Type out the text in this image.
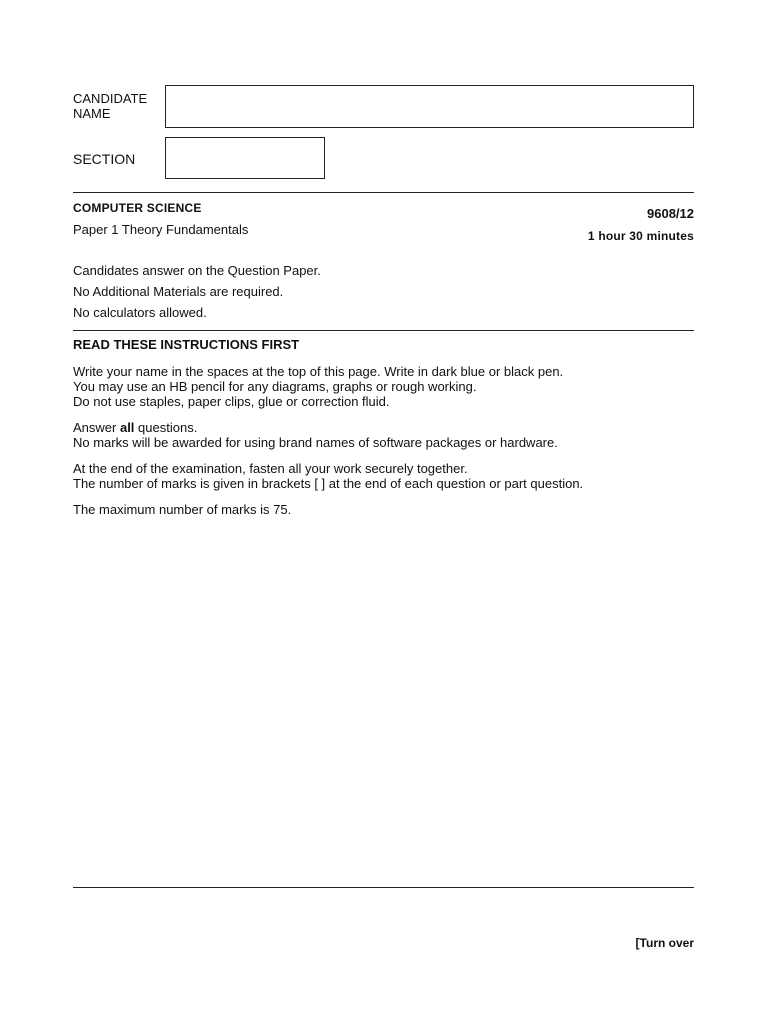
CANDIDATE
NAME
SECTION
COMPUTER SCIENCE
Paper 1 Theory Fundamentals
9608/12
1 hour 30 minutes
Candidates answer on the Question Paper.
No Additional Materials are required.
No calculators allowed.
READ THESE INSTRUCTIONS FIRST

Write your name in the spaces at the top of this page. Write in dark blue or black pen.
You may use an HB pencil for any diagrams, graphs or rough working.
Do not use staples, paper clips, glue or correction fluid.

Answer all questions.
No marks will be awarded for using brand names of software packages or hardware.

At the end of the examination, fasten all your work securely together.
The number of marks is given in brackets [ ] at the end of each question or part question.

The maximum number of marks is 75.

[Turn over
